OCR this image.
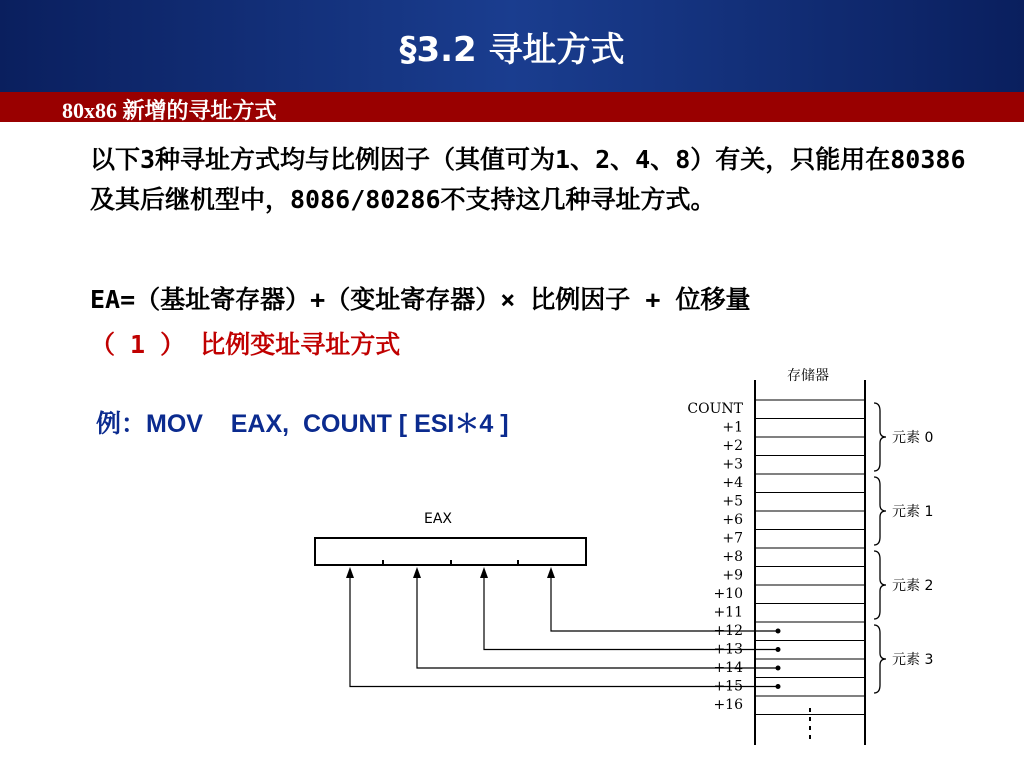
§3.2 寻址方式
80x86 新增的寻址方式
以下3种寻址方式均与比例因子（其值可为1、2、4、8）有关，只能用在80386及其后继机型中，8086/80286不支持这几种寻址方式。
EA=（基址寄存器）+（变址寄存器）× 比例因子 + 位移量
（ 1 ） 比例变址寻址方式
例：MOV    EAX,  COUNT [ ESI＊4 ]
EAX
存储器
COUNT
+1
+2
+3
+4
+5
+6
+7
+8
+9
+10
+11
+12
+13
+14
+15
+16
元素 0
元素 1
元素 2
元素 3
